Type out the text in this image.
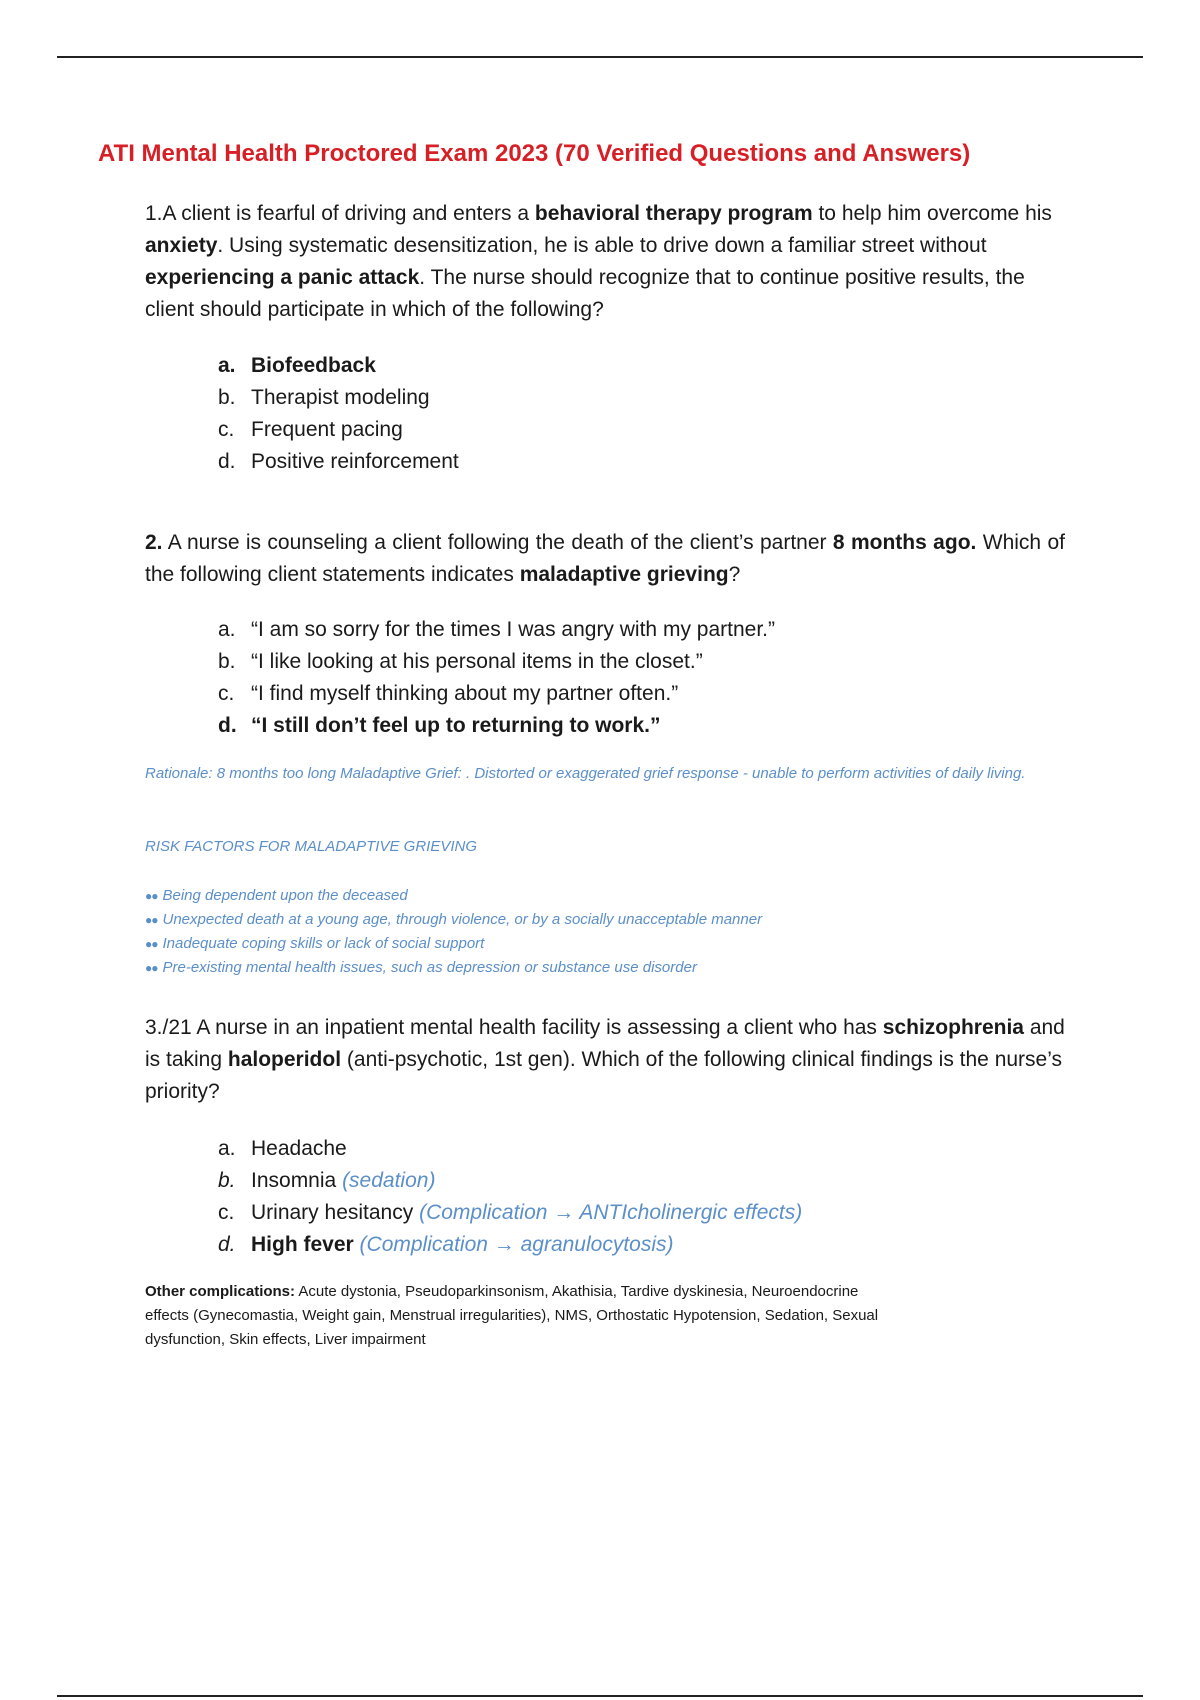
ATI Mental Health Proctored Exam 2023 (70 Verified Questions and Answers)

1.A client is fearful of driving and enters a behavioral therapy program to help him overcome his anxiety. Using systematic desensitization, he is able to drive down a familiar street without experiencing a panic attack. The nurse should recognize that to continue positive results, the client should participate in which of the following?

a. Biofeedback
b. Therapist modeling
c. Frequent pacing
d. Positive reinforcement

2. A nurse is counseling a client following the death of the client’s partner 8 months ago. Which of the following client statements indicates maladaptive grieving?

a. “I am so sorry for the times I was angry with my partner.”
b. “I like looking at his personal items in the closet.”
c. “I find myself thinking about my partner often.”
d. “I still don’t feel up to returning to work.”

Rationale: 8 months too long Maladaptive Grief: . Distorted or exaggerated grief response - unable to perform activities of daily living.

RISK FACTORS FOR MALADAPTIVE GRIEVING

●● Being dependent upon the deceased
●● Unexpected death at a young age, through violence, or by a socially unacceptable manner
●● Inadequate coping skills or lack of social support
●● Pre-existing mental health issues, such as depression or substance use disorder

3./21 A nurse in an inpatient mental health facility is assessing a client who has schizophrenia and is taking haloperidol (anti-psychotic, 1st gen). Which of the following clinical findings is the nurse’s priority?

a. Headache
b. Insomnia (sedation)
c. Urinary hesitancy (Complication → ANTIcholinergic effects)
d. High fever (Complication → agranulocytosis)

Other complications: Acute dystonia, Pseudoparkinsonism, Akathisia, Tardive dyskinesia, Neuroendocrine effects (Gynecomastia, Weight gain, Menstrual irregularities), NMS, Orthostatic Hypotension, Sedation, Sexual dysfunction, Skin effects, Liver impairment
